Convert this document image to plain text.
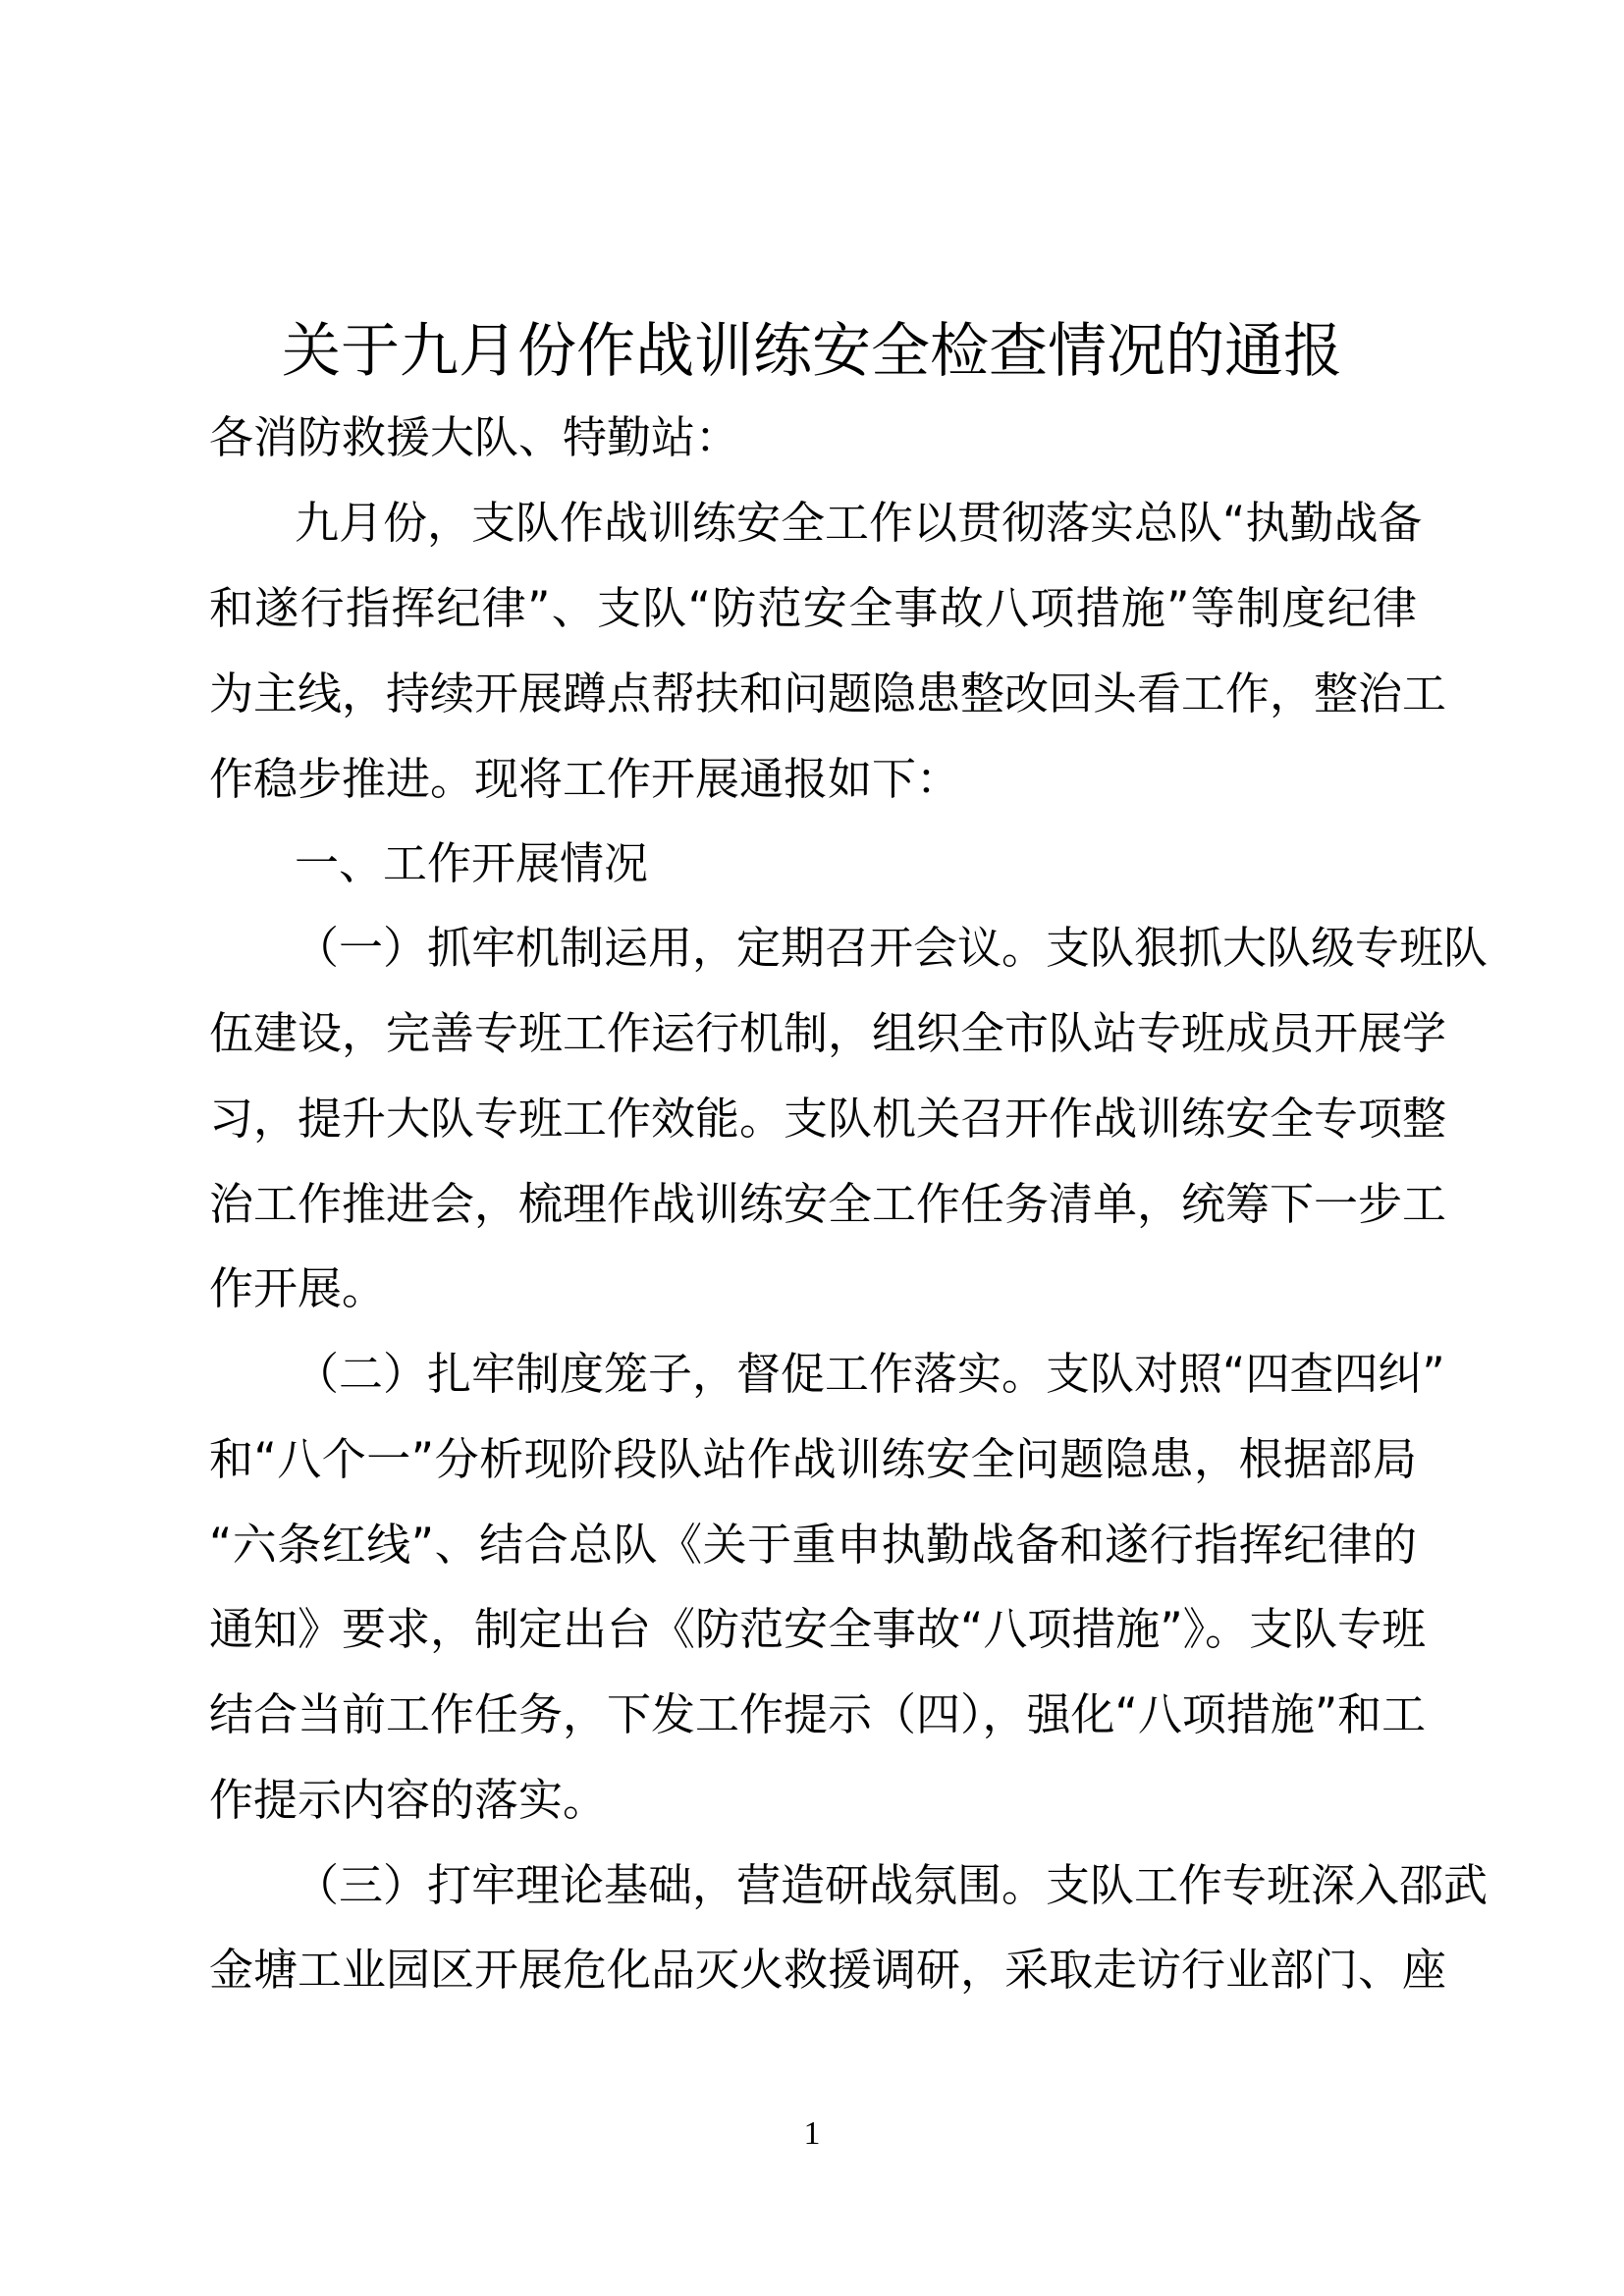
关于九月份作战训练安全检查情况的通报
各消防救援大队、特勤站：
九月份，支队作战训练安全工作以贯彻落实总队“执勤战备
和遂行指挥纪律”、支队“防范安全事故八项措施”等制度纪律
为主线，持续开展蹲点帮扶和问题隐患整改回头看工作，整治工
作稳步推进。现将工作开展通报如下：
一、工作开展情况
（一）抓牢机制运用，定期召开会议。支队狠抓大队级专班队
伍建设，完善专班工作运行机制，组织全市队站专班成员开展学
习，提升大队专班工作效能。支队机关召开作战训练安全专项整
治工作推进会，梳理作战训练安全工作任务清单，统筹下一步工
作开展。
（二）扎牢制度笼子，督促工作落实。支队对照“四查四纠”
和“八个一”分析现阶段队站作战训练安全问题隐患，根据部局
“六条红线”、结合总队《关于重申执勤战备和遂行指挥纪律的
通知》要求，制定出台《防范安全事故“八项措施”》。支队专班
结合当前工作任务，下发工作提示（四），强化“八项措施”和工
作提示内容的落实。
（三）打牢理论基础，营造研战氛围。支队工作专班深入邵武
金塘工业园区开展危化品灭火救援调研，采取走访行业部门、座
1
